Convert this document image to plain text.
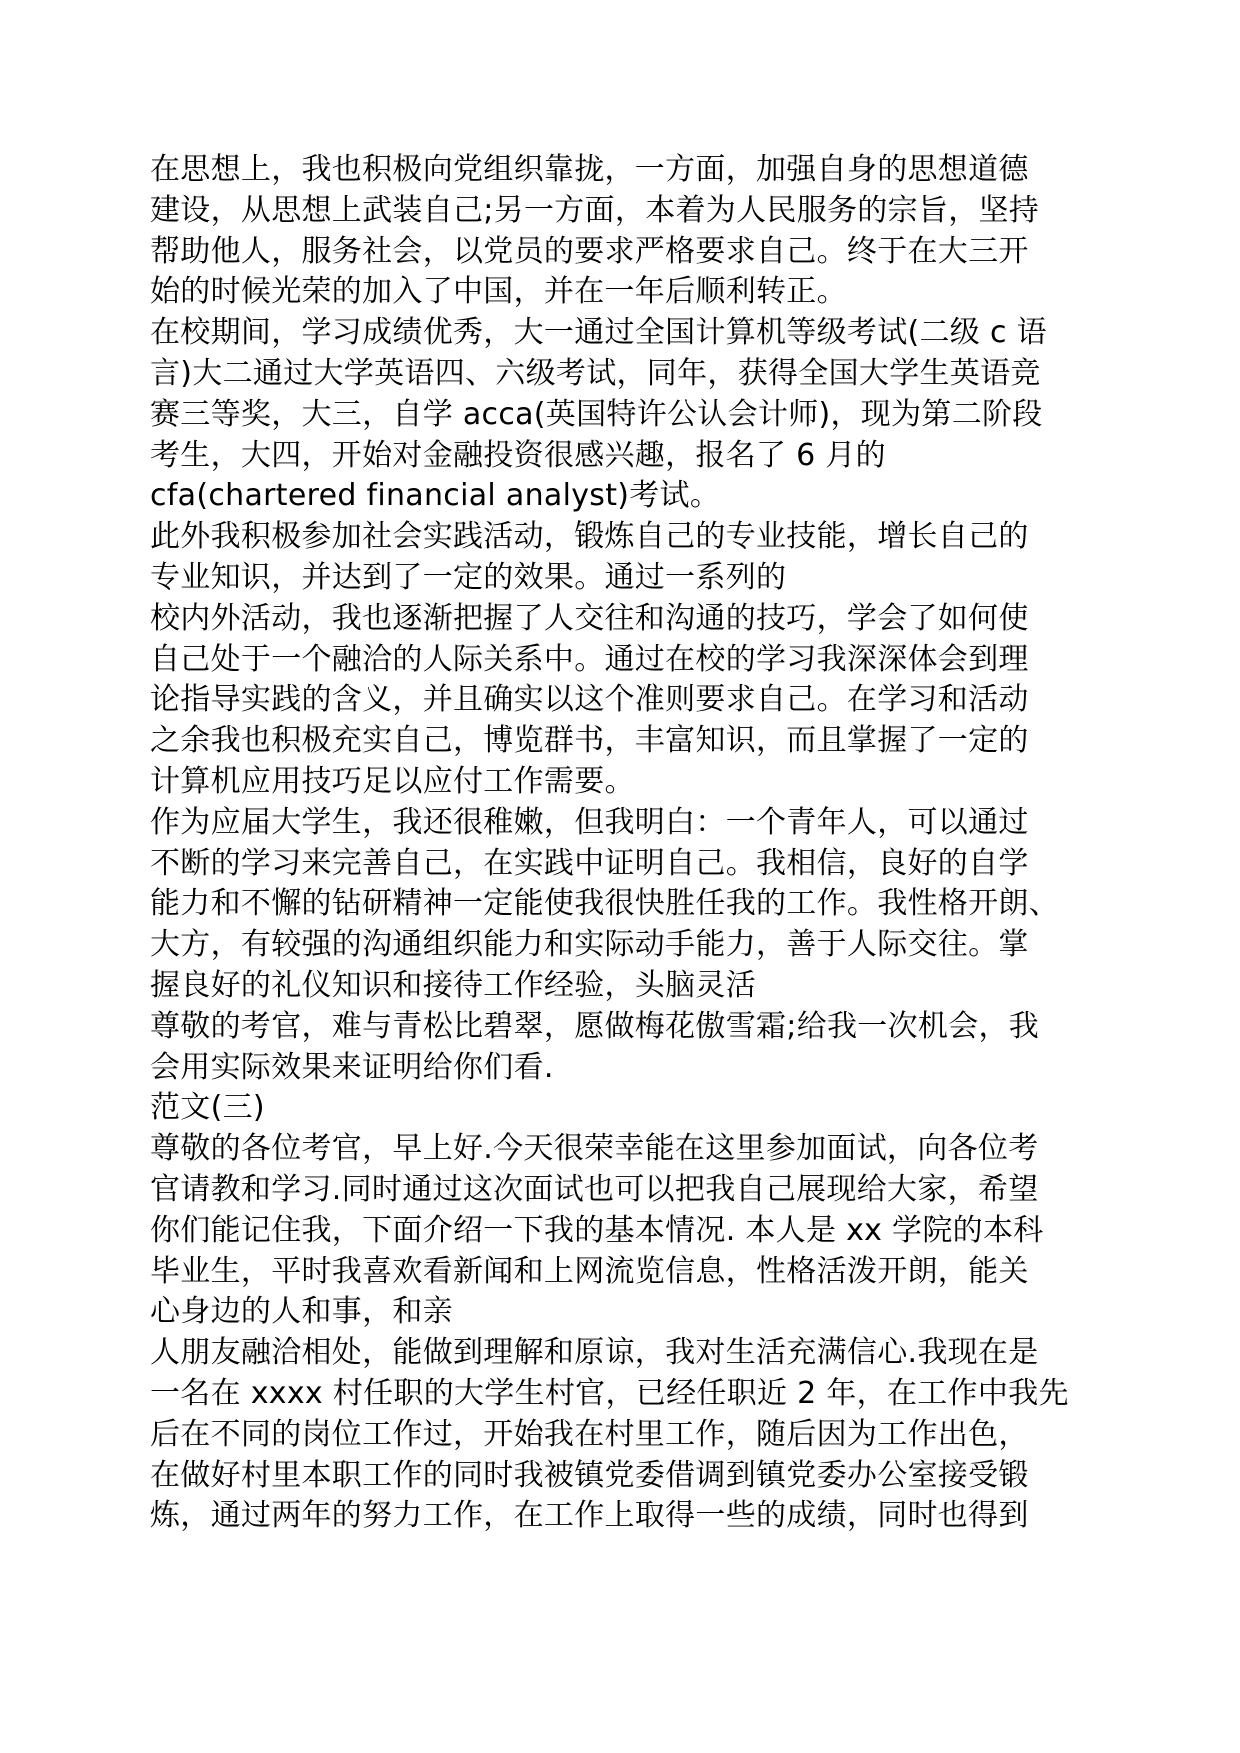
在思想上，我也积极向党组织靠拢，一方面，加强自身的思想道德
建设，从思想上武装自己;另一方面，本着为人民服务的宗旨，坚持
帮助他人，服务社会，以党员的要求严格要求自己。终于在大三开
始的时候光荣的加入了中国，并在一年后顺利转正。
在校期间，学习成绩优秀，大一通过全国计算机等级考试(二级 c 语
言)大二通过大学英语四、六级考试，同年，获得全国大学生英语竞
赛三等奖，大三，自学 acca(英国特许公认会计师)，现为第二阶段
考生，大四，开始对金融投资很感兴趣，报名了 6 月的
cfa(chartered financial analyst)考试。
此外我积极参加社会实践活动，锻炼自己的专业技能，增长自己的
专业知识，并达到了一定的效果。通过一系列的
校内外活动，我也逐渐把握了人交往和沟通的技巧，学会了如何使
自己处于一个融洽的人际关系中。通过在校的学习我深深体会到理
论指导实践的含义，并且确实以这个准则要求自己。在学习和活动
之余我也积极充实自己，博览群书，丰富知识，而且掌握了一定的
计算机应用技巧足以应付工作需要。
作为应届大学生，我还很稚嫩，但我明白：一个青年人，可以通过
不断的学习来完善自己，在实践中证明自己。我相信，良好的自学
能力和不懈的钻研精神一定能使我很快胜任我的工作。我性格开朗、
大方，有较强的沟通组织能力和实际动手能力，善于人际交往。掌
握良好的礼仪知识和接待工作经验，头脑灵活
尊敬的考官，难与青松比碧翠，愿做梅花傲雪霜;给我一次机会，我
会用实际效果来证明给你们看.
范文(三)
尊敬的各位考官，早上好.今天很荣幸能在这里参加面试，向各位考
官请教和学习.同时通过这次面试也可以把我自己展现给大家，希望
你们能记住我，下面介绍一下我的基本情况. 本人是 xx 学院的本科
毕业生，平时我喜欢看新闻和上网流览信息，性格活泼开朗，能关
心身边的人和事，和亲
人朋友融洽相处，能做到理解和原谅，我对生活充满信心.我现在是
一名在 xxxx 村任职的大学生村官，已经任职近 2 年，在工作中我先
后在不同的岗位工作过，开始我在村里工作，随后因为工作出色，
在做好村里本职工作的同时我被镇党委借调到镇党委办公室接受锻
炼，通过两年的努力工作，在工作上取得一些的成绩，同时也得到
